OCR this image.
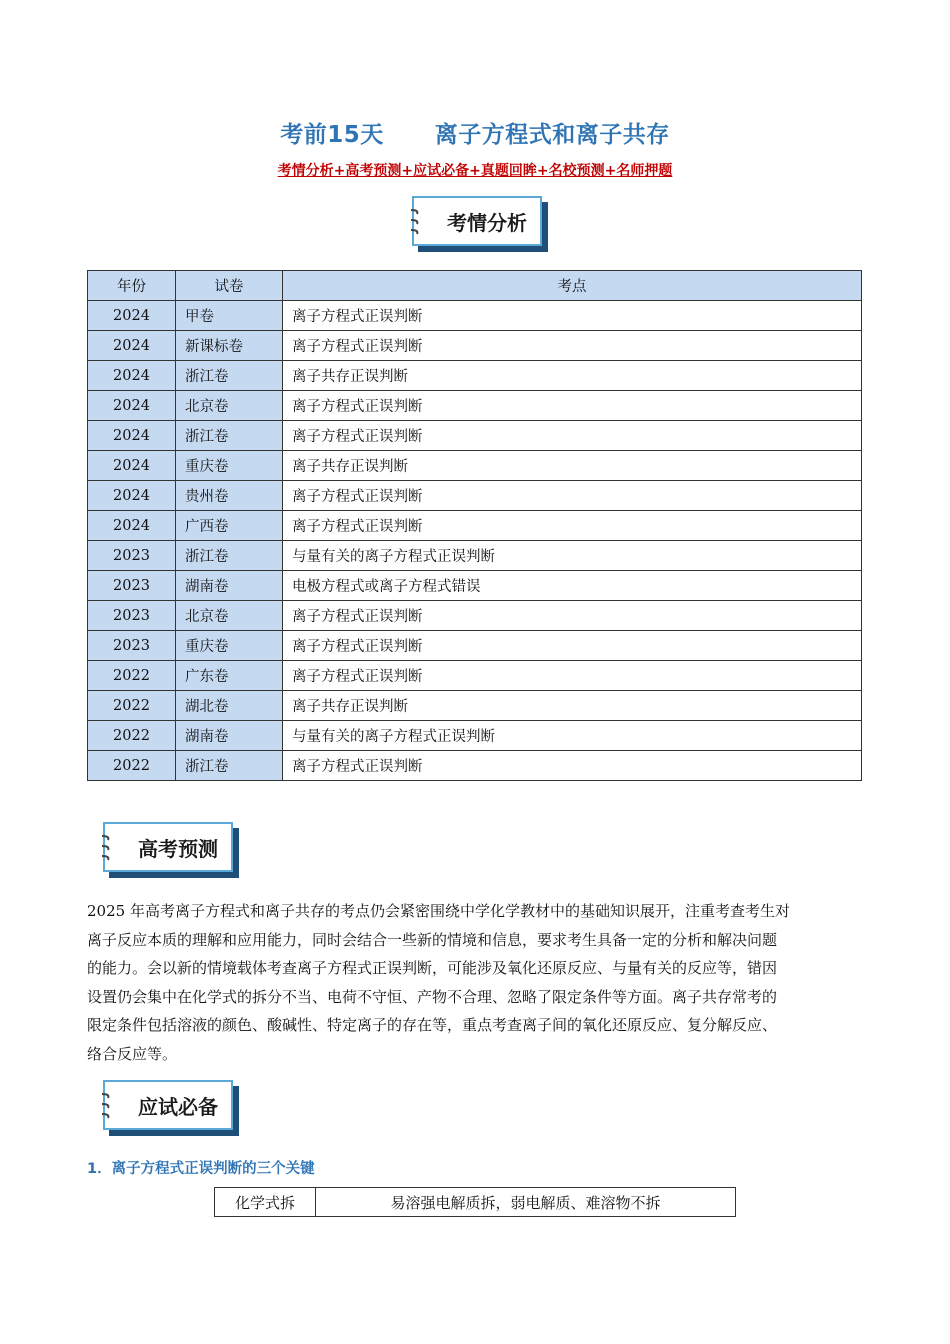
考前15天      离子方程式和离子共存
考情分析+高考预测+应试必备+真题回眸+名校预测+名师押题
考情分析
年份	试卷	考点
2024	甲卷	离子方程式正误判断
2024	新课标卷	离子方程式正误判断
2024	浙江卷	离子共存正误判断
2024	北京卷	离子方程式正误判断
2024	浙江卷	离子方程式正误判断
2024	重庆卷	离子共存正误判断
2024	贵州卷	离子方程式正误判断
2024	广西卷	离子方程式正误判断
2023	浙江卷	与量有关的离子方程式正误判断
2023	湖南卷	电极方程式或离子方程式错误
2023	北京卷	离子方程式正误判断
2023	重庆卷	离子方程式正误判断
2022	广东卷	离子方程式正误判断
2022	湖北卷	离子共存正误判断
2022	湖南卷	与量有关的离子方程式正误判断
2022	浙江卷	离子方程式正误判断
高考预测
2025 年高考离子方程式和离子共存的考点仍会紧密围绕中学化学教材中的基础知识展开，注重考查考生对
离子反应本质的理解和应用能力，同时会结合一些新的情境和信息，要求考生具备一定的分析和解决问题
的能力。会以新的情境载体考查离子方程式正误判断，可能涉及氧化还原反应、与量有关的反应等，错因
设置仍会集中在化学式的拆分不当、电荷不守恒、产物不合理、忽略了限定条件等方面。离子共存常考的
限定条件包括溶液的颜色、酸碱性、特定离子的存在等，重点考查离子间的氧化还原反应、复分解反应、
络合反应等。
应试必备
1．离子方程式正误判断的三个关键
化学式拆	易溶强电解质拆，弱电解质、难溶物不拆
